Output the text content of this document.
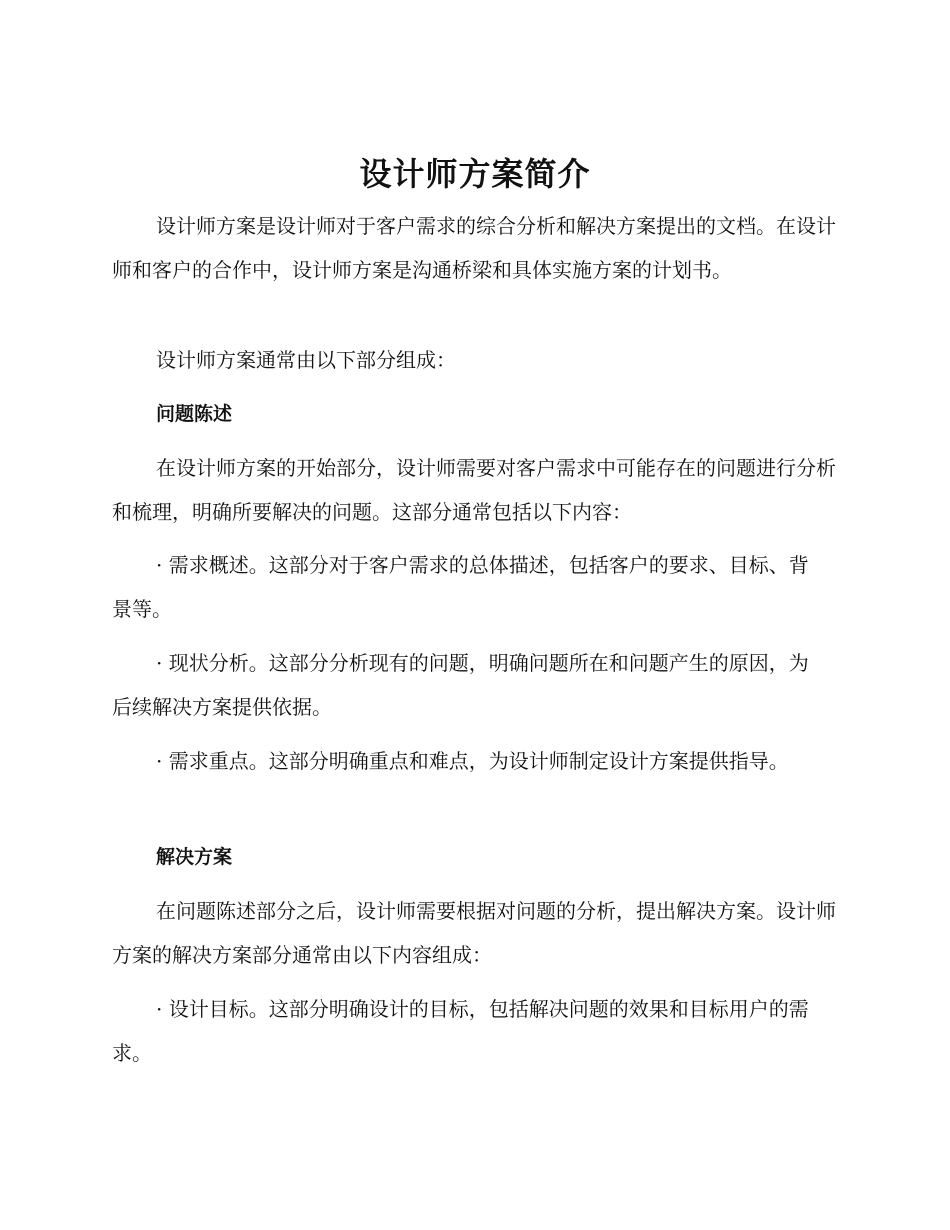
设计师方案简介

设计师方案是设计师对于客户需求的综合分析和解决方案提出的文档。在设计师和客户的合作中，设计师方案是沟通桥梁和具体实施方案的计划书。

设计师方案通常由以下部分组成：

问题陈述

在设计师方案的开始部分，设计师需要对客户需求中可能存在的问题进行分析和梳理，明确所要解决的问题。这部分通常包括以下内容：

· 需求概述。这部分对于客户需求的总体描述，包括客户的要求、目标、背景等。

· 现状分析。这部分分析现有的问题，明确问题所在和问题产生的原因，为后续解决方案提供依据。

· 需求重点。这部分明确重点和难点，为设计师制定设计方案提供指导。

解决方案

在问题陈述部分之后，设计师需要根据对问题的分析，提出解决方案。设计师方案的解决方案部分通常由以下内容组成：

· 设计目标。这部分明确设计的目标，包括解决问题的效果和目标用户的需求。
